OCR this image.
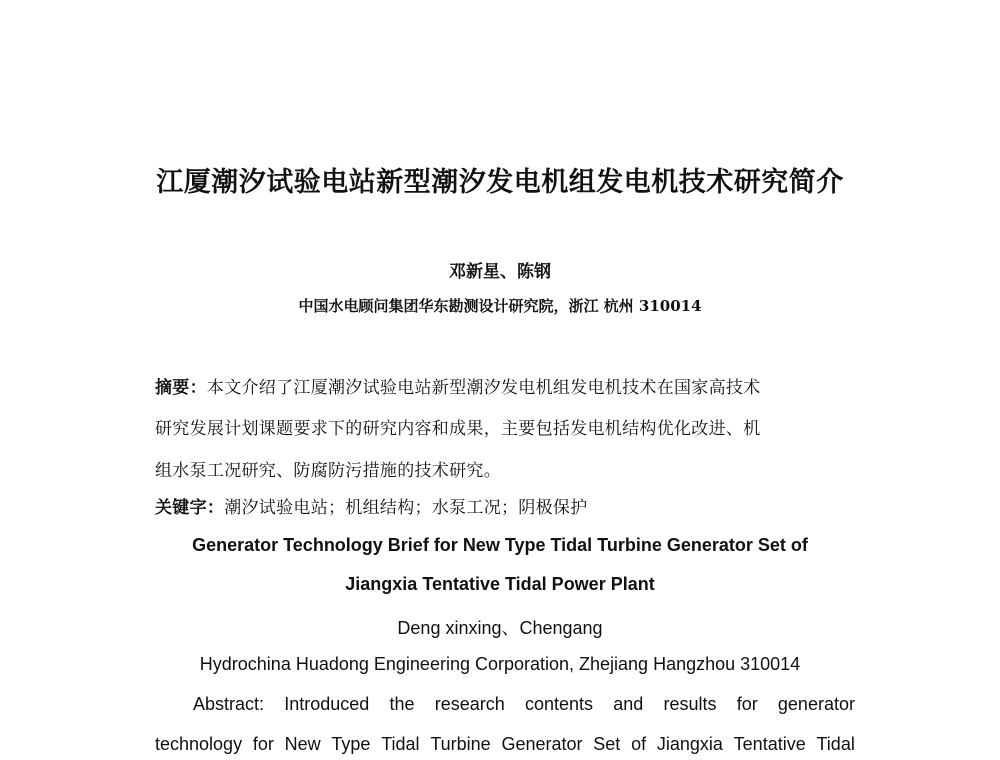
江厦潮汐试验电站新型潮汐发电机组发电机技术研究简介
邓新星、陈钢
中国水电顾问集团华东勘测设计研究院，浙江 杭州 310014
摘要：本文介绍了江厦潮汐试验电站新型潮汐发电机组发电机技术在国家高技术
研究发展计划课题要求下的研究内容和成果，主要包括发电机结构优化改进、机
组水泵工况研究、防腐防污措施的技术研究。
关键字：潮汐试验电站；机组结构；水泵工况；阴极保护
Generator Technology Brief for New Type Tidal Turbine Generator Set of
Jiangxia Tentative Tidal Power Plant
Deng xinxing、Chengang
Hydrochina Huadong Engineering Corporation, Zhejiang Hangzhou 310014
Abstract: Introduced the research contents and results for generator
technology for New Type Tidal Turbine Generator Set of Jiangxia Tentative Tidal
